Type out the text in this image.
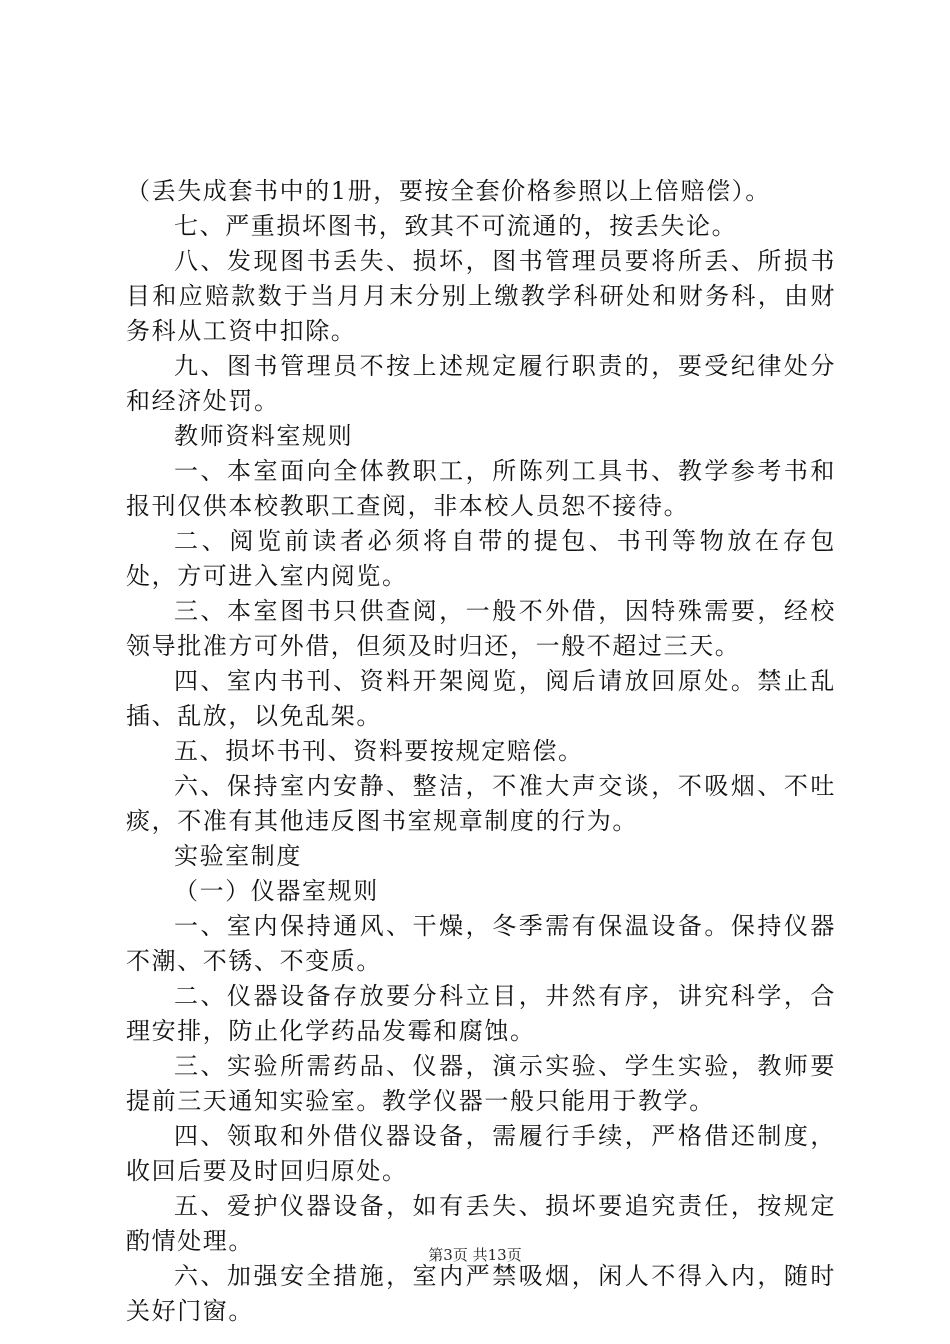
（丢失成套书中的1册，要按全套价格参照以上倍赔偿）。

七、严重损坏图书，致其不可流通的，按丢失论。

八、发现图书丢失、损坏，图书管理员要将所丢、所损书目和应赔款数于当月月末分别上缴教学科研处和财务科，由财务科从工资中扣除。

九、图书管理员不按上述规定履行职责的，要受纪律处分和经济处罚。

教师资料室规则

一、本室面向全体教职工，所陈列工具书、教学参考书和报刊仅供本校教职工查阅，非本校人员恕不接待。

二、阅览前读者必须将自带的提包、书刊等物放在存包处，方可进入室内阅览。

三、本室图书只供查阅，一般不外借，因特殊需要，经校领导批准方可外借，但须及时归还，一般不超过三天。

四、室内书刊、资料开架阅览，阅后请放回原处。禁止乱插、乱放，以免乱架。

五、损坏书刊、资料要按规定赔偿。

六、保持室内安静、整洁，不准大声交谈，不吸烟、不吐痰，不准有其他违反图书室规章制度的行为。

实验室制度

（一）仪器室规则

一、室内保持通风、干燥，冬季需有保温设备。保持仪器不潮、不锈、不变质。

二、仪器设备存放要分科立目，井然有序，讲究科学，合理安排，防止化学药品发霉和腐蚀。

三、实验所需药品、仪器，演示实验、学生实验，教师要提前三天通知实验室。教学仪器一般只能用于教学。

四、领取和外借仪器设备，需履行手续，严格借还制度，收回后要及时回归原处。

五、爱护仪器设备，如有丢失、损坏要追究责任，按规定酌情处理。

六、加强安全措施，室内严禁吸烟，闲人不得入内，随时关好门窗。

第3页 共13页
